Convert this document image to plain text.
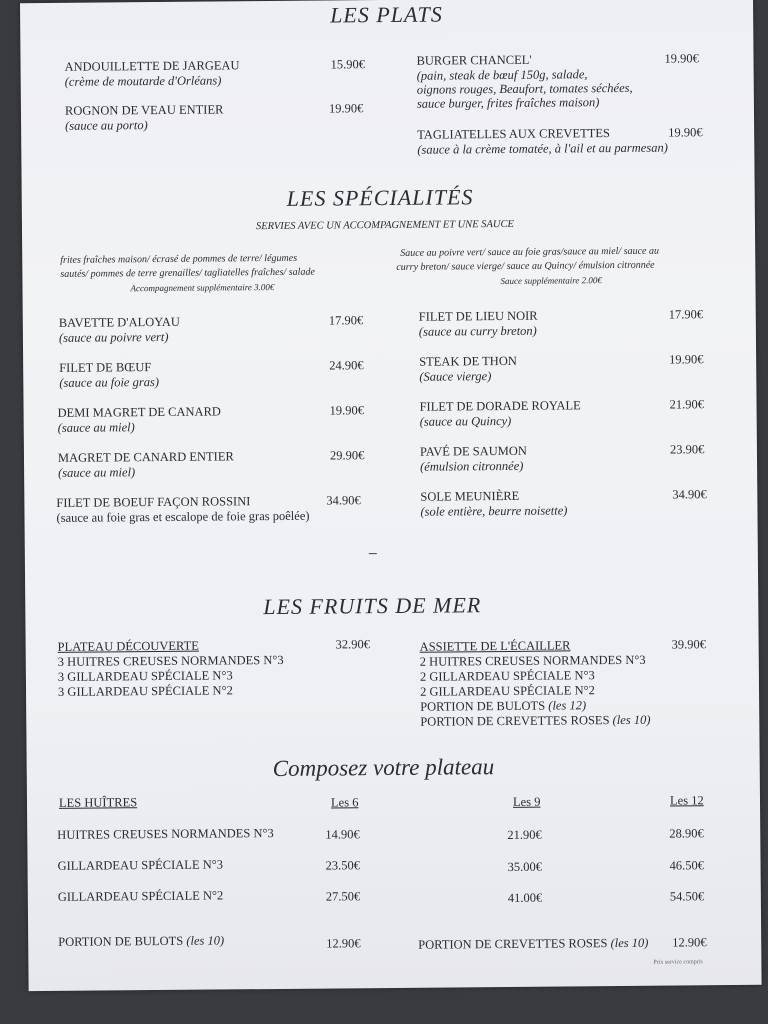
LES PLATS
ANDOUILLETTE DE JARGEAU
(crème de moutarde d'Orléans)
15.90€
ROGNON DE VEAU ENTIER
(sauce au porto)
19.90€
BURGER CHANCEL'
(pain, steak de bœuf 150g, salade,
oignons rouges, Beaufort, tomates séchées,
sauce burger, frites fraîches maison)
19.90€
TAGLIATELLES AUX CREVETTES
(sauce à la crème tomatée, à l'ail et au parmesan)
19.90€
LES SPÉCIALITÉS
SERVIES AVEC UN ACCOMPAGNEMENT ET UNE SAUCE
frites fraîches maison/ écrasé de pommes de terre/ légumes
sautés/ pommes de terre grenailles/ tagliatelles fraîches/ salade
Accompagnement supplémentaire 3.00€
Sauce au poivre vert/ sauce au foie gras/sauce au miel/ sauce au
curry breton/ sauce vierge/ sauce au Quincy/ émulsion citronnée
Sauce supplémentaire 2.00€
BAVETTE D'ALOYAU
(sauce au poivre vert)
17.90€
FILET DE BŒUF
(sauce au foie gras)
24.90€
DEMI MAGRET DE CANARD
(sauce au miel)
19.90€
MAGRET DE CANARD ENTIER
(sauce au miel)
29.90€
FILET DE BOEUF FAÇON ROSSINI
(sauce au foie gras et escalope de foie gras poêlée)
34.90€
FILET DE LIEU NOIR
(sauce au curry breton)
17.90€
STEAK DE THON
(Sauce vierge)
19.90€
FILET DE DORADE ROYALE
(sauce au Quincy)
21.90€
PAVÉ DE SAUMON
(émulsion citronnée)
23.90€
SOLE MEUNIÈRE
(sole entière, beurre noisette)
34.90€
LES FRUITS DE MER
PLATEAU DÉCOUVERTE	32.90€
3 HUITRES CREUSES NORMANDES N°3
3 GILLARDEAU SPÉCIALE N°3
3 GILLARDEAU SPÉCIALE N°2
ASSIETTE DE L'ÉCAILLER	39.90€
2 HUITRES CREUSES NORMANDES N°3
2 GILLARDEAU SPÉCIALE N°3
2 GILLARDEAU SPÉCIALE N°2
PORTION DE BULOTS (les 12)
PORTION DE CREVETTES ROSES (les 10)
Composez votre plateau
LES HUÎTRES	Les 6	Les 9	Les 12
HUITRES CREUSES NORMANDES N°3	14.90€	21.90€	28.90€
GILLARDEAU SPÉCIALE N°3	23.50€	35.00€	46.50€
GILLARDEAU SPÉCIALE N°2	27.50€	41.00€	54.50€
PORTION DE BULOTS (les 10)	12.90€	PORTION DE CREVETTES ROSES (les 10) 12.90€
Prix service compris
